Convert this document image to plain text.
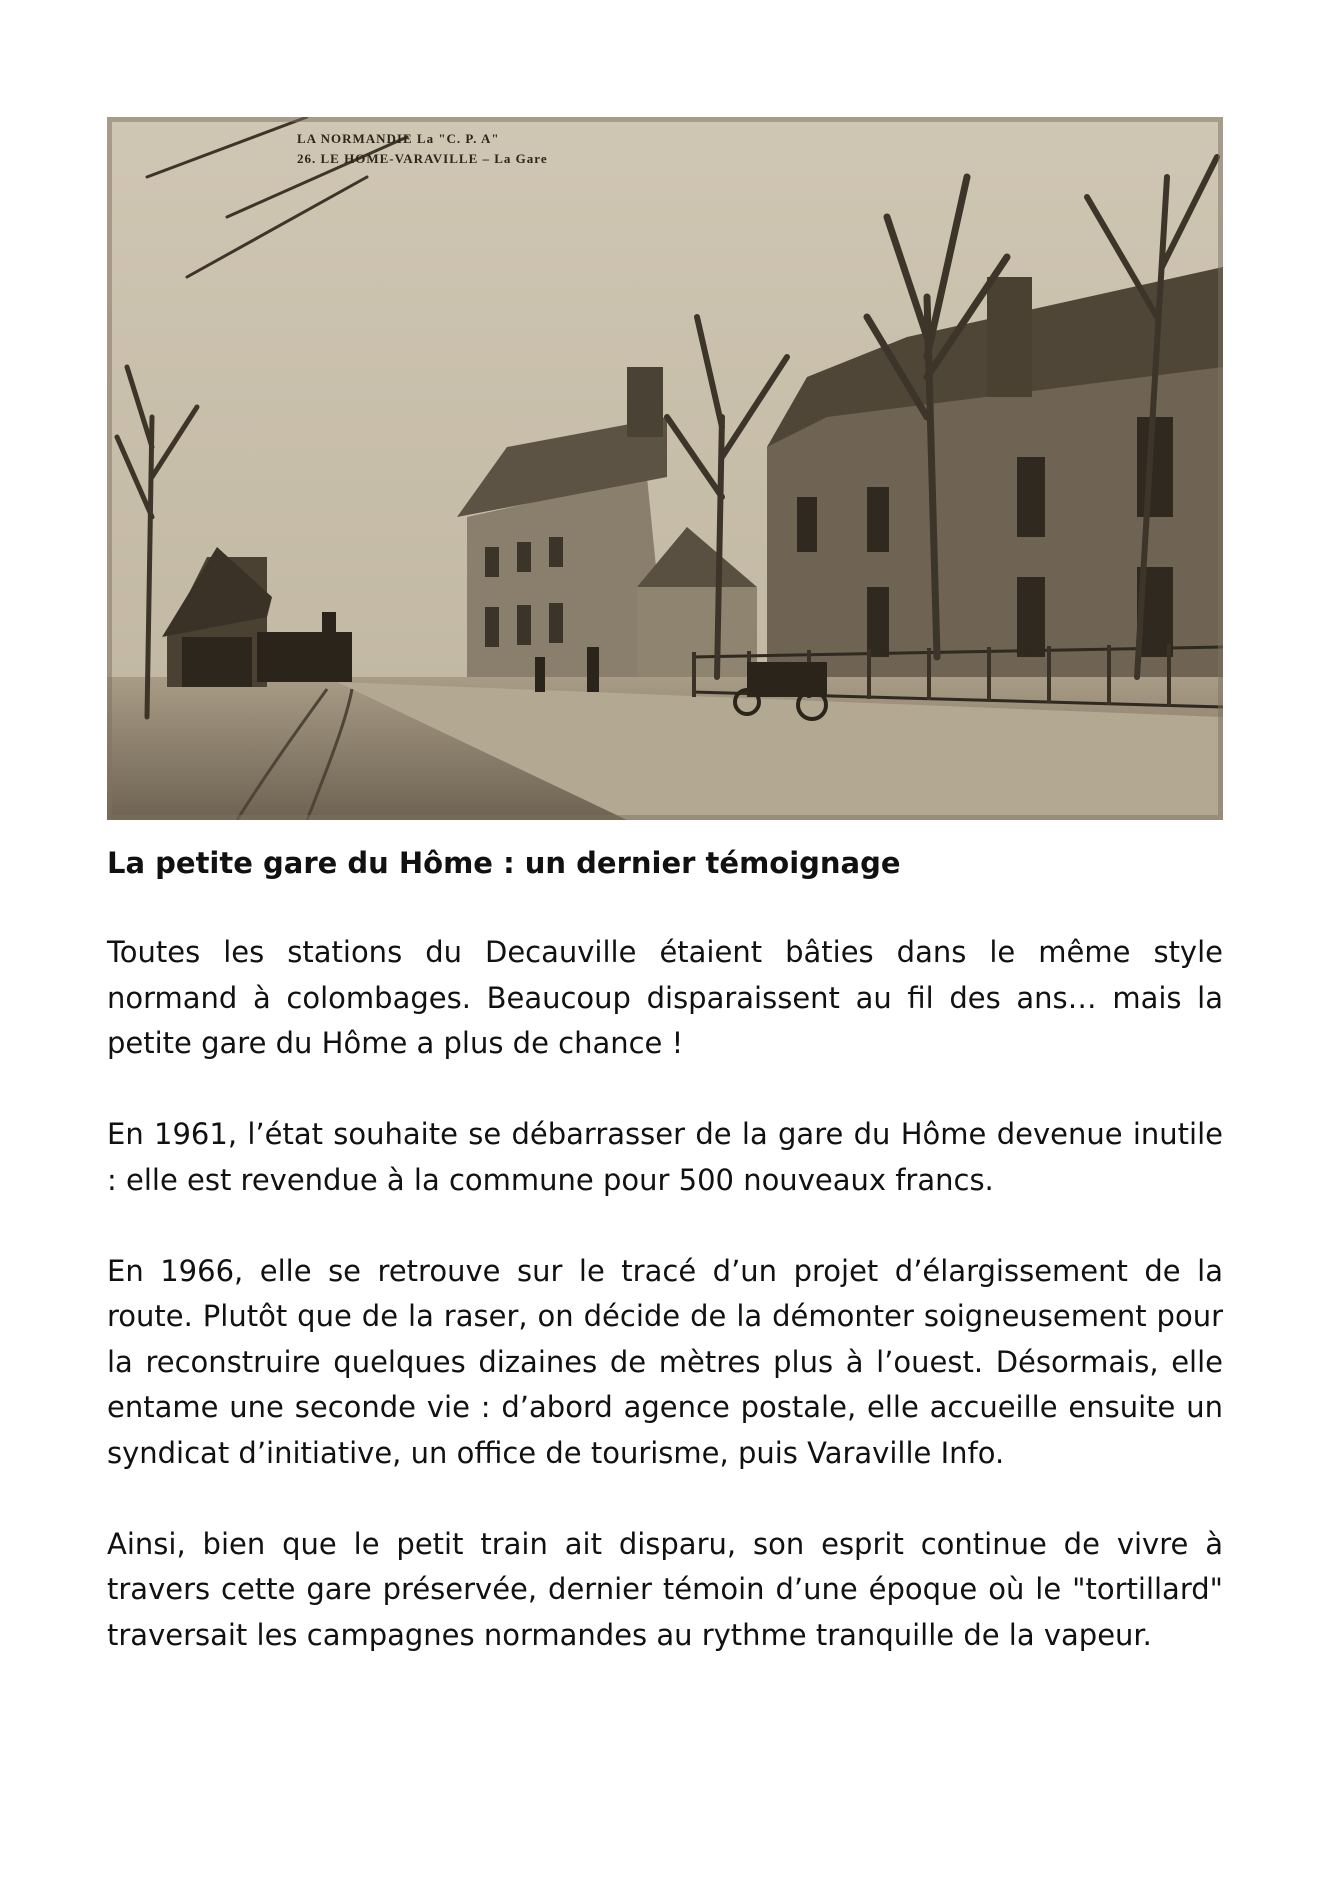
LA NORMANDIE La "C. P. A"
26. LE HOME-VARAVILLE – La Gare
La petite gare du Hôme : un dernier témoignage

Toutes les stations du Decauville étaient bâties dans le même style normand à colombages. Beaucoup disparaissent au fil des ans… mais la petite gare du Hôme a plus de chance !

En 1961, l’état souhaite se débarrasser de la gare du Hôme devenue inutile : elle est revendue à la commune pour 500 nouveaux francs.

En 1966, elle se retrouve sur le tracé d’un projet d’élargissement de la route. Plutôt que de la raser, on décide de la démonter soigneusement pour la reconstruire quelques dizaines de mètres plus à l’ouest. Désormais, elle entame une seconde vie : d’abord agence postale, elle accueille ensuite un syndicat d’initiative, un office de tourisme, puis Varaville Info.

Ainsi, bien que le petit train ait disparu, son esprit continue de vivre à travers cette gare préservée, dernier témoin d’une époque où le "tortillard" traversait les campagnes normandes au rythme tranquille de la vapeur.
